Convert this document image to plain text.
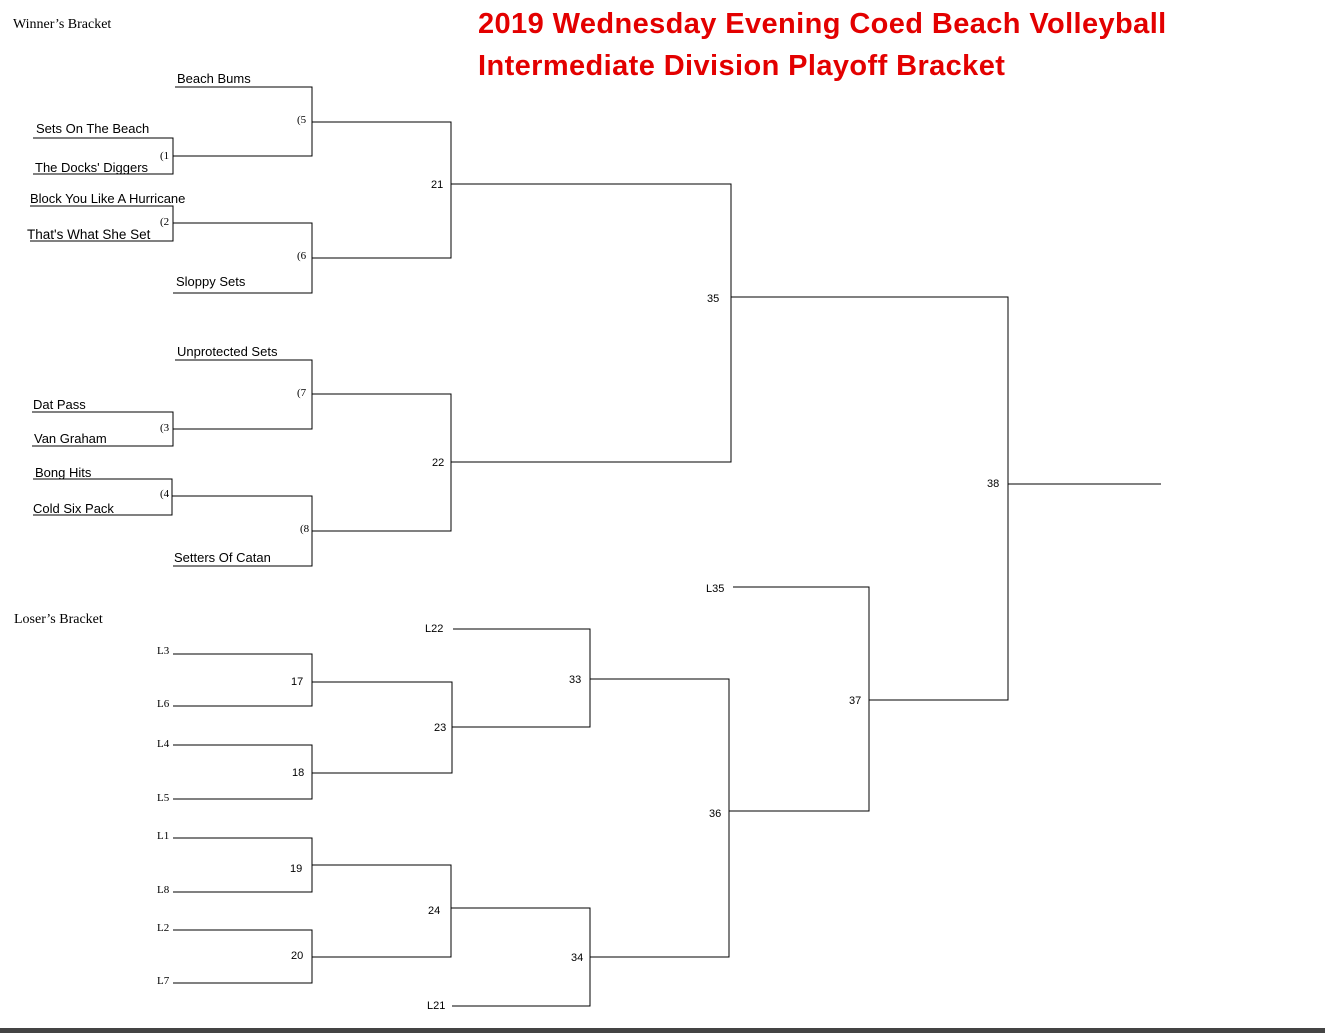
Winner’s Bracket
Loser’s Bracket
Beach Bums
Sets On The Beach
The Docks' Diggers
Block You Like A Hurricane
That's What She Set
Sloppy Sets
Unprotected Sets
Dat Pass
Van Graham
Bong Hits
Cold Six Pack
Setters Of Catan
(1
(2
(3
(4
(5
(6
(7
(8
21
22
35
38
L3
L6
L4
L5
L1
L8
L2
L7
L22
L21
L35
17
18
19
20
23
24
33
34
36
37
2019 Wednesday Evening Coed Beach Volleyball
Intermediate Division Playoff Bracket
